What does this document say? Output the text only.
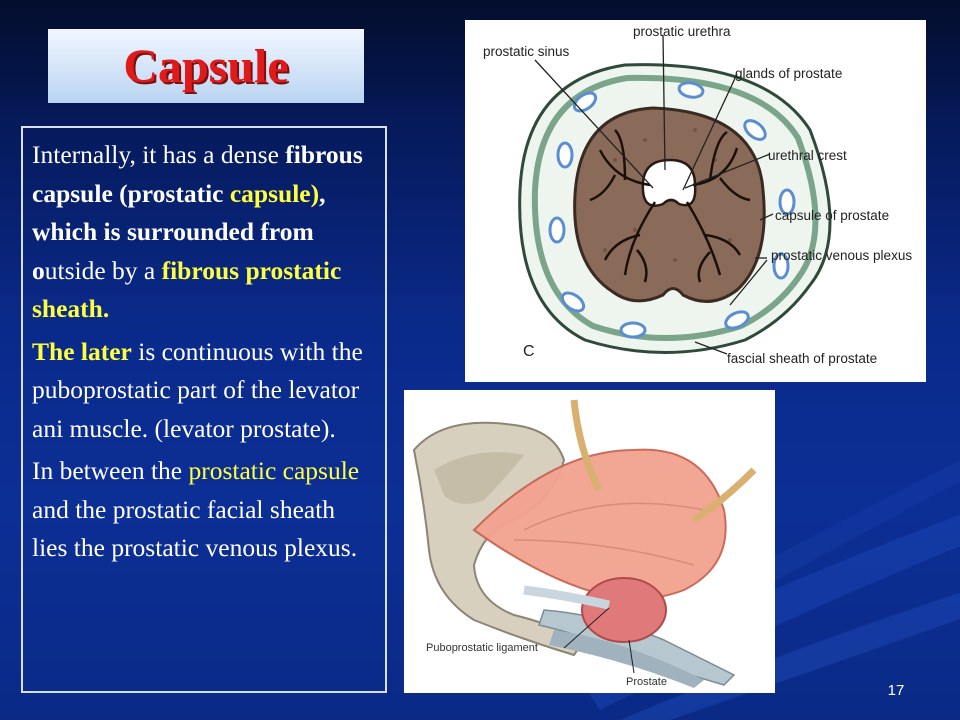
Capsule

Internally, it has a dense fibrous capsule (prostatic capsule), which is surrounded from outside by a fibrous prostatic sheath.

The later is continuous with the puboprostatic part of the levator ani muscle. (levator prostate).

In between the prostatic capsule and the prostatic facial sheath lies the prostatic venous plexus.

prostatic sinus
prostatic urethra
glands of prostate
urethral crest
capsule of prostate
prostatic venous plexus
fascial sheath of prostate
C
Puboprostatic ligament
Prostate	17
